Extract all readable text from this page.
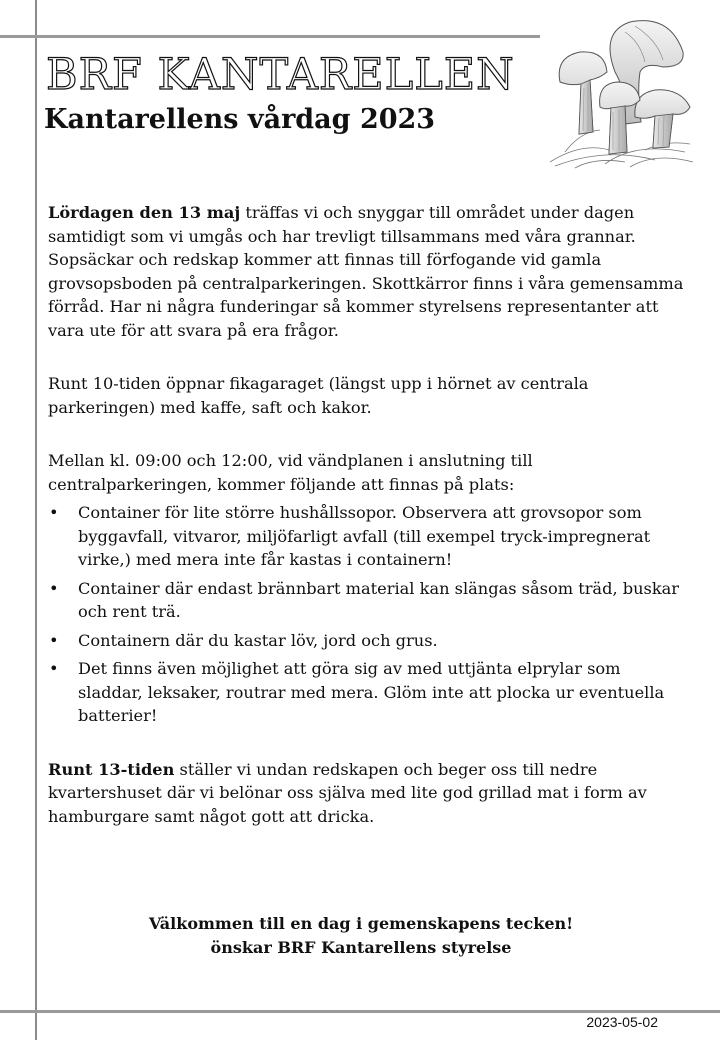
BRF KANTARELLEN
Kantarellens vårdag 2023

Lördagen den 13 maj träffas vi och snyggar till området under dagen samtidigt som vi umgås och har trevligt tillsammans med våra grannar. Sopsäckar och redskap kommer att finnas till förfogande vid gamla grovsopsboden på centralparkeringen. Skottkärror finns i våra gemensamma förråd. Har ni några funderingar så kommer styrelsens representanter att vara ute för att svara på era frågor.

Runt 10-tiden öppnar fikagaraget (längst upp i hörnet av centrala parkeringen) med kaffe, saft och kakor.

Mellan kl. 09:00 och 12:00, vid vändplanen i anslutning till centralparkeringen, kommer följande att finnas på plats:

• Container för lite större hushållssopor. Observera att grovsopor som byggavfall, vitvaror, miljöfarligt avfall (till exempel tryck-impregnerat virke,) med mera inte får kastas i containern!
• Container där endast brännbart material kan slängas såsom träd, buskar och rent trä.
• Containern där du kastar löv, jord och grus.
• Det finns även möjlighet att göra sig av med uttjänta elprylar som sladdar, leksaker, routrar med mera. Glöm inte att plocka ur eventuella batterier!

Runt 13-tiden ställer vi undan redskapen och beger oss till nedre kvartershuset där vi belönar oss själva med lite god grillad mat i form av hamburgare samt något gott att dricka.

Välkommen till en dag i gemenskapens tecken!
önskar BRF Kantarellens styrelse
2023-05-02
